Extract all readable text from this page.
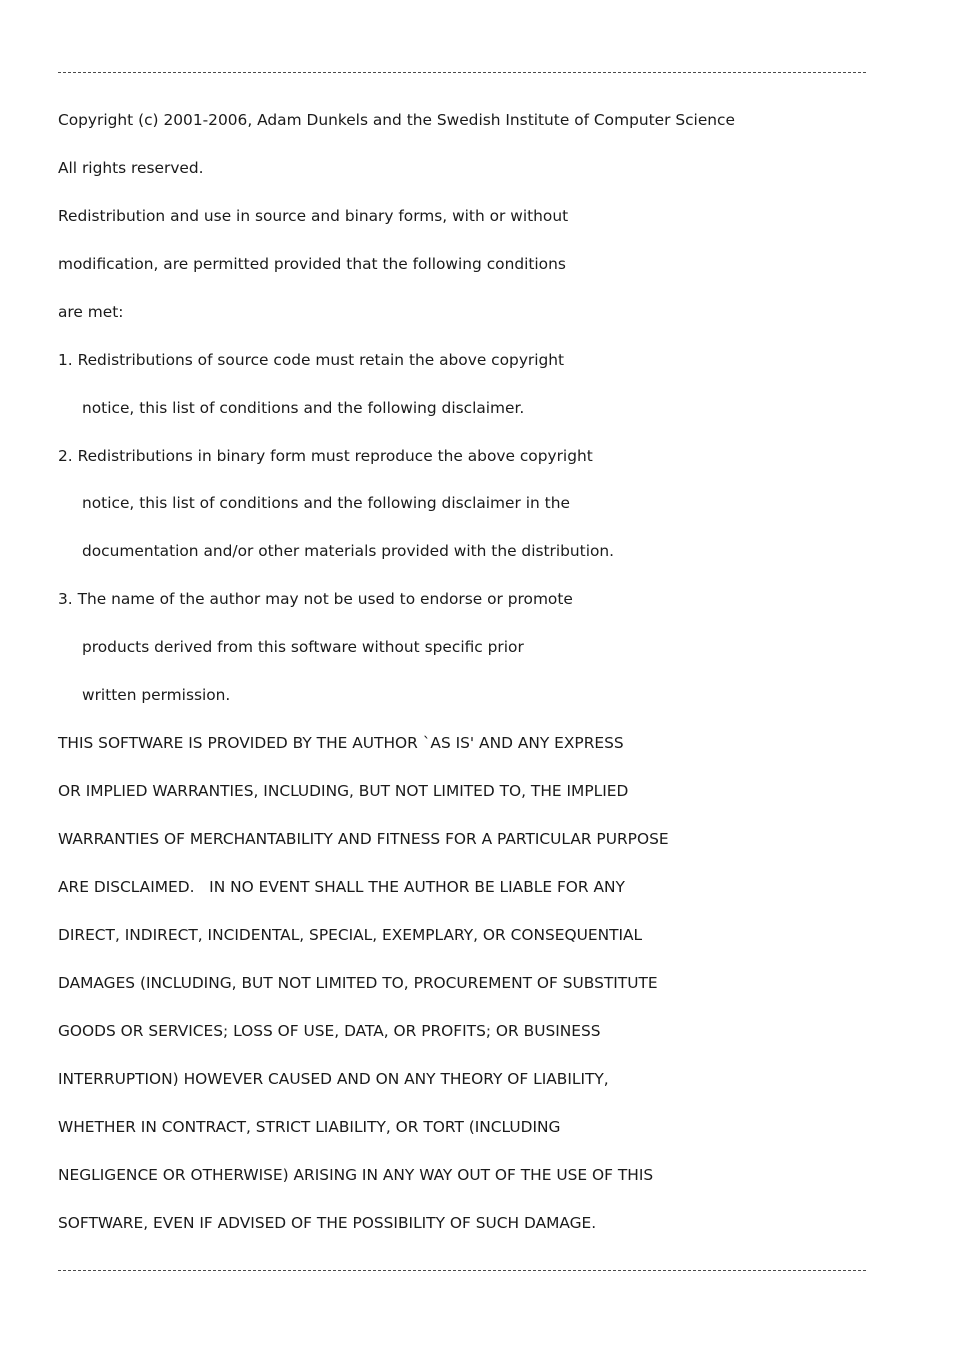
Copyright (c) 2001-2006, Adam Dunkels and the Swedish Institute of Computer Science
All rights reserved.
Redistribution and use in source and binary forms, with or without
modification, are permitted provided that the following conditions
are met:
1. Redistributions of source code must retain the above copyright
notice, this list of conditions and the following disclaimer.
2. Redistributions in binary form must reproduce the above copyright
notice, this list of conditions and the following disclaimer in the
documentation and/or other materials provided with the distribution.
3. The name of the author may not be used to endorse or promote
products derived from this software without specific prior
written permission.
THIS SOFTWARE IS PROVIDED BY THE AUTHOR `AS IS' AND ANY EXPRESS
OR IMPLIED WARRANTIES, INCLUDING, BUT NOT LIMITED TO, THE IMPLIED
WARRANTIES OF MERCHANTABILITY AND FITNESS FOR A PARTICULAR PURPOSE
ARE DISCLAIMED.   IN NO EVENT SHALL THE AUTHOR BE LIABLE FOR ANY
DIRECT, INDIRECT, INCIDENTAL, SPECIAL, EXEMPLARY, OR CONSEQUENTIAL
DAMAGES (INCLUDING, BUT NOT LIMITED TO, PROCUREMENT OF SUBSTITUTE
GOODS OR SERVICES; LOSS OF USE, DATA, OR PROFITS; OR BUSINESS
INTERRUPTION) HOWEVER CAUSED AND ON ANY THEORY OF LIABILITY,
WHETHER IN CONTRACT, STRICT LIABILITY, OR TORT (INCLUDING
NEGLIGENCE OR OTHERWISE) ARISING IN ANY WAY OUT OF THE USE OF THIS
SOFTWARE, EVEN IF ADVISED OF THE POSSIBILITY OF SUCH DAMAGE.
